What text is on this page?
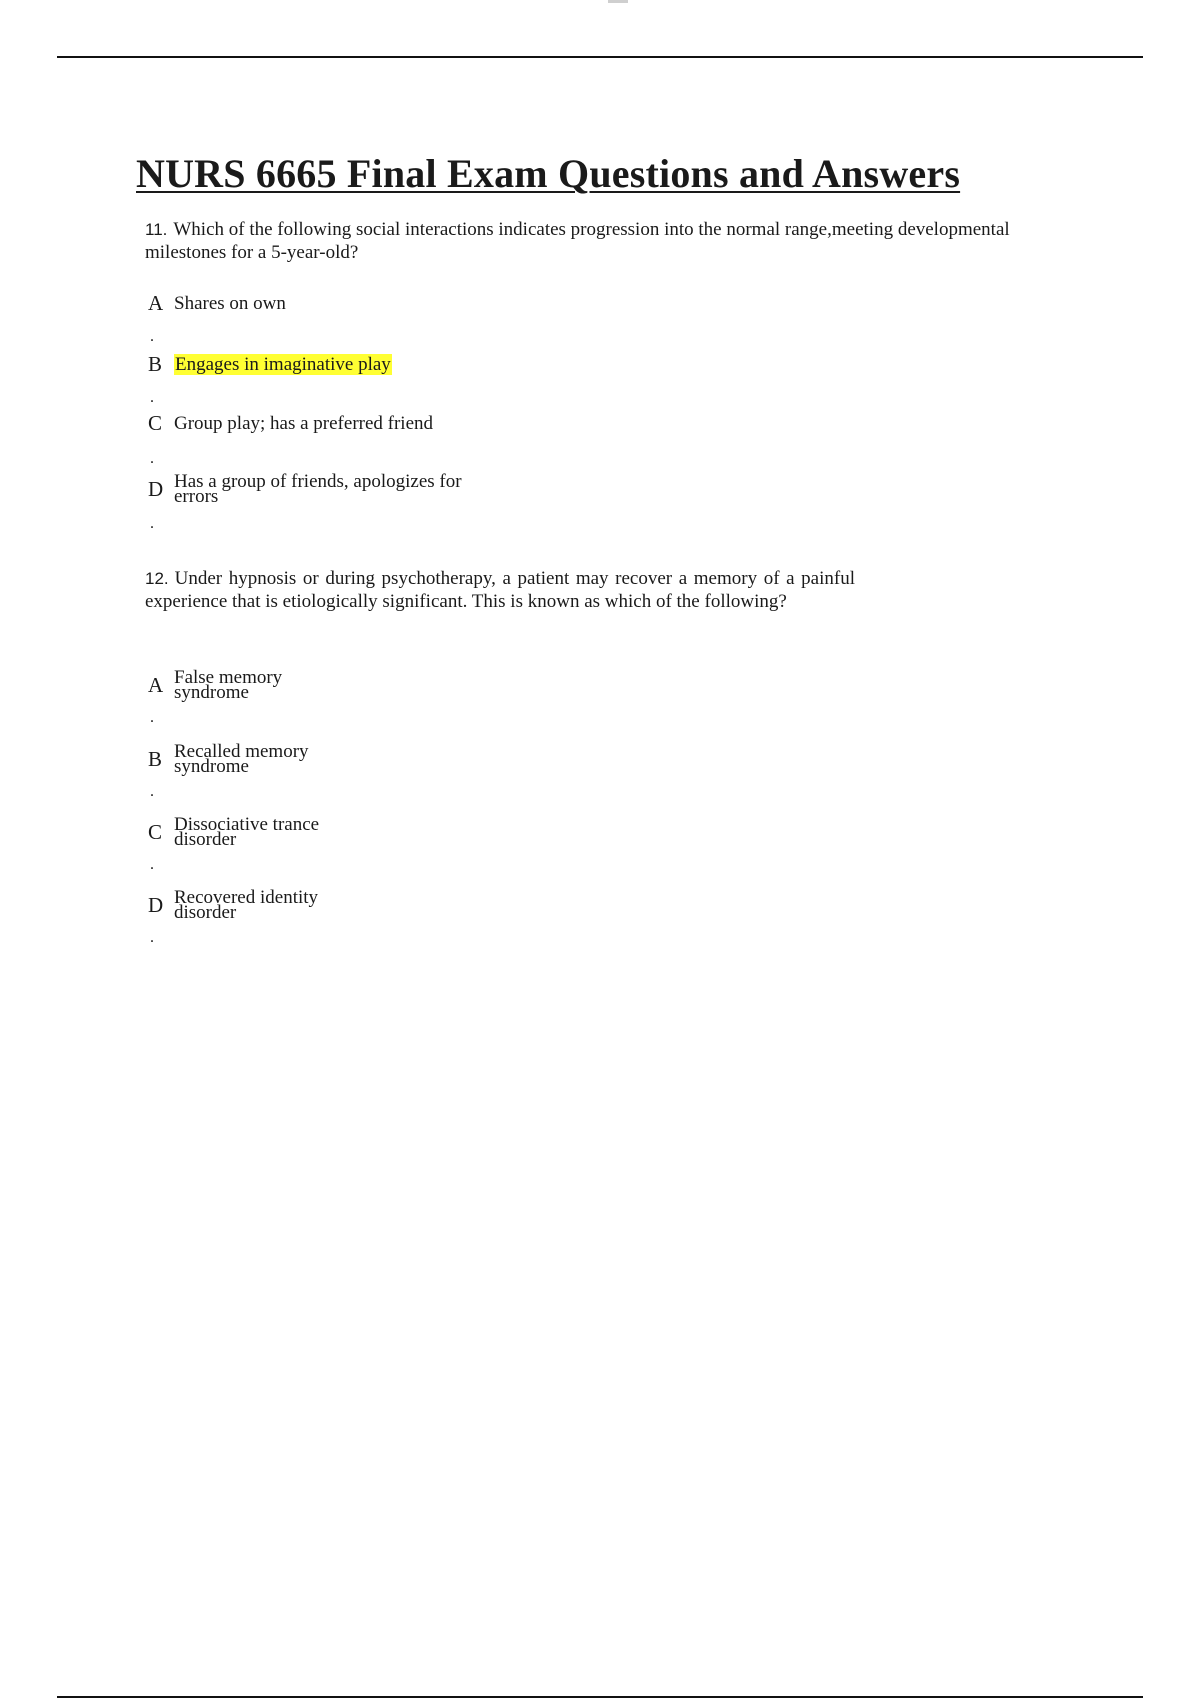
NURS 6665 Final Exam Questions and Answers

11. Which of the following social interactions indicates progression into the normal range,meeting developmental milestones for a 5-year-old?

A Shares on own
.
B Engages in imaginative play
.
C Group play; has a preferred friend
.
D Has a group of friends, apologizes for errors
.

12. Under hypnosis or during psychotherapy, a patient may recover a memory of a painful experience that is etiologically significant. This is known as which of the following?

A False memory syndrome
.
B Recalled memory syndrome
.
C Dissociative trance disorder
.
D Recovered identity disorder
.
